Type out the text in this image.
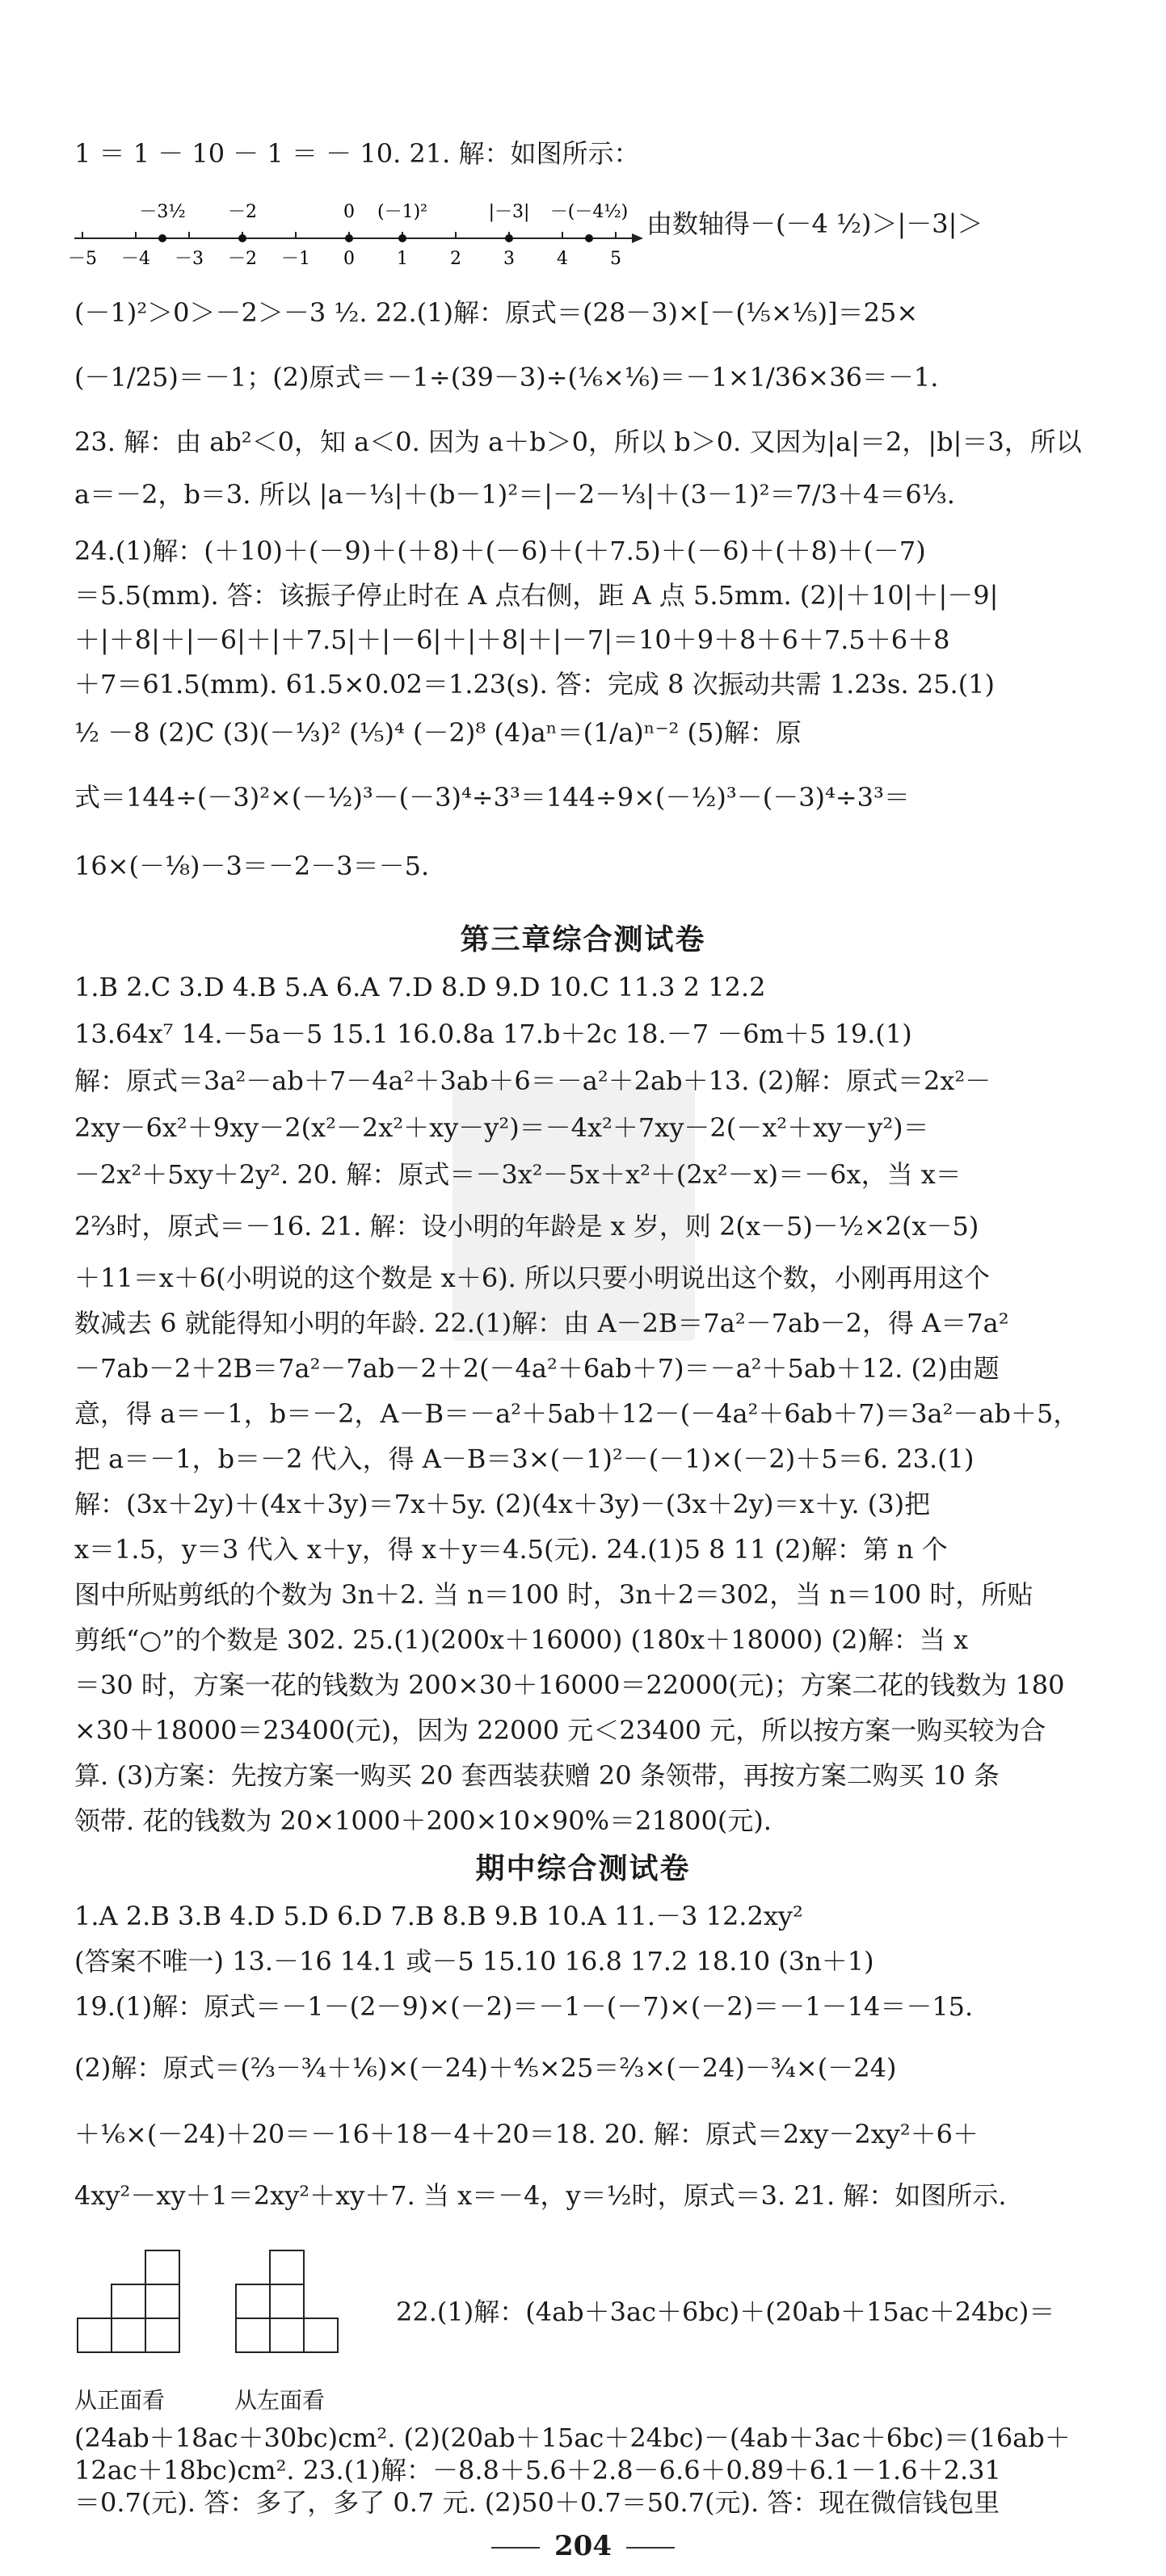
1 ＝ 1 － 10 － 1 ＝ － 10. 21. 解：如图所示：
－5 －4 －3 －2 －1 0 1 2 3 4 5
－3½ －2	0 (－1)²	|－3| －(－4½) 由数轴得－(－4 ½)＞|－3|＞
(－1)²＞0＞－2＞－3 ½. 22.(1)解：原式＝(28－3)×[－(⅕×⅕)]＝25×
(－1/25)＝－1；(2)原式＝－1÷(39－3)÷(⅙×⅙)＝－1×1/36×36＝－1.
23. 解：由 ab²＜0，知 a＜0. 因为 a＋b＞0，所以 b＞0. 又因为|a|＝2，|b|＝3，所以
a＝－2，b＝3. 所以 |a－⅓|＋(b－1)²＝|－2－⅓|＋(3－1)²＝7/3＋4＝6⅓.
24.(1)解：(＋10)＋(－9)＋(＋8)＋(－6)＋(＋7.5)＋(－6)＋(＋8)＋(－7)
＝5.5(mm). 答：该振子停止时在 A 点右侧，距 A 点 5.5mm. (2)|＋10|＋|－9|
＋|＋8|＋|－6|＋|＋7.5|＋|－6|＋|＋8|＋|－7|＝10＋9＋8＋6＋7.5＋6＋8
＋7＝61.5(mm). 61.5×0.02＝1.23(s). 答：完成 8 次振动共需 1.23s. 25.(1)
½ －8 (2)C (3)(－⅓)² (⅕)⁴ (－2)⁸ (4)aⁿ＝(1/a)ⁿ⁻² (5)解：原
式＝144÷(－3)²×(－½)³－(－3)⁴÷3³＝144÷9×(－½)³－(－3)⁴÷3³＝
16×(－⅛)－3＝－2－3＝－5.
第三章综合测试卷
1.B 2.C 3.D 4.B 5.A 6.A 7.D 8.D 9.D 10.C 11.3 2 12.2
13.64x⁷ 14.－5a－5 15.1 16.0.8a 17.b＋2c 18.－7 －6m＋5 19.(1)
解：原式＝3a²－ab＋7－4a²＋3ab＋6＝－a²＋2ab＋13. (2)解：原式＝2x²－
2xy－6x²＋9xy－2(x²－2x²＋xy－y²)＝－4x²＋7xy－2(－x²＋xy－y²)＝
－2x²＋5xy＋2y². 20. 解：原式＝－3x²－5x＋x²＋(2x²－x)＝－6x，当 x＝
2⅔时，原式＝－16. 21. 解：设小明的年龄是 x 岁，则 2(x－5)－½×2(x－5)
＋11＝x＋6(小明说的这个数是 x＋6). 所以只要小明说出这个数，小刚再用这个
数减去 6 就能得知小明的年龄. 22.(1)解：由 A－2B＝7a²－7ab－2，得 A＝7a²
－7ab－2＋2B＝7a²－7ab－2＋2(－4a²＋6ab＋7)＝－a²＋5ab＋12. (2)由题
意，得 a＝－1，b＝－2，A－B＝－a²＋5ab＋12－(－4a²＋6ab＋7)＝3a²－ab＋5，
把 a＝－1，b＝－2 代入，得 A－B＝3×(－1)²－(－1)×(－2)＋5＝6. 23.(1)
解：(3x＋2y)＋(4x＋3y)＝7x＋5y. (2)(4x＋3y)－(3x＋2y)＝x＋y. (3)把
x＝1.5，y＝3 代入 x＋y，得 x＋y＝4.5(元). 24.(1)5 8 11 (2)解：第 n 个
图中所贴剪纸的个数为 3n＋2. 当 n＝100 时，3n＋2＝302，当 n＝100 时，所贴
剪纸“○”的个数是 302. 25.(1)(200x＋16000) (180x＋18000) (2)解：当 x
＝30 时，方案一花的钱数为 200×30＋16000＝22000(元)；方案二花的钱数为 180
×30＋18000＝23400(元)，因为 22000 元＜23400 元，所以按方案一购买较为合
算. (3)方案：先按方案一购买 20 套西装获赠 20 条领带，再按方案二购买 10 条
领带. 花的钱数为 20×1000＋200×10×90%＝21800(元).
期中综合测试卷
1.A 2.B 3.B 4.D 5.D 6.D 7.B 8.B 9.B 10.A 11.－3 12.2xy²
(答案不唯一) 13.－16 14.1 或－5 15.10 16.8 17.2 18.10 (3n＋1)
19.(1)解：原式＝－1－(2－9)×(－2)＝－1－(－7)×(－2)＝－1－14＝－15.
(2)解：原式＝(⅔－¾＋⅙)×(－24)＋⅘×25＝⅔×(－24)－¾×(－24)
＋⅙×(－24)＋20＝－16＋18－4＋20＝18. 20. 解：原式＝2xy－2xy²＋6＋
4xy²－xy＋1＝2xy²＋xy＋7. 当 x＝－4，y＝½时，原式＝3. 21. 解：如图所示.
从正面看	从左面看
22.(1)解：(4ab＋3ac＋6bc)＋(20ab＋15ac＋24bc)＝
(24ab＋18ac＋30bc)cm². (2)(20ab＋15ac＋24bc)－(4ab＋3ac＋6bc)＝(16ab＋
12ac＋18bc)cm². 23.(1)解：－8.8＋5.6＋2.8－6.6＋0.89＋6.1－1.6＋2.31
＝0.7(元). 答：多了，多了 0.7 元. (2)50＋0.7＝50.7(元). 答：现在微信钱包里
204
